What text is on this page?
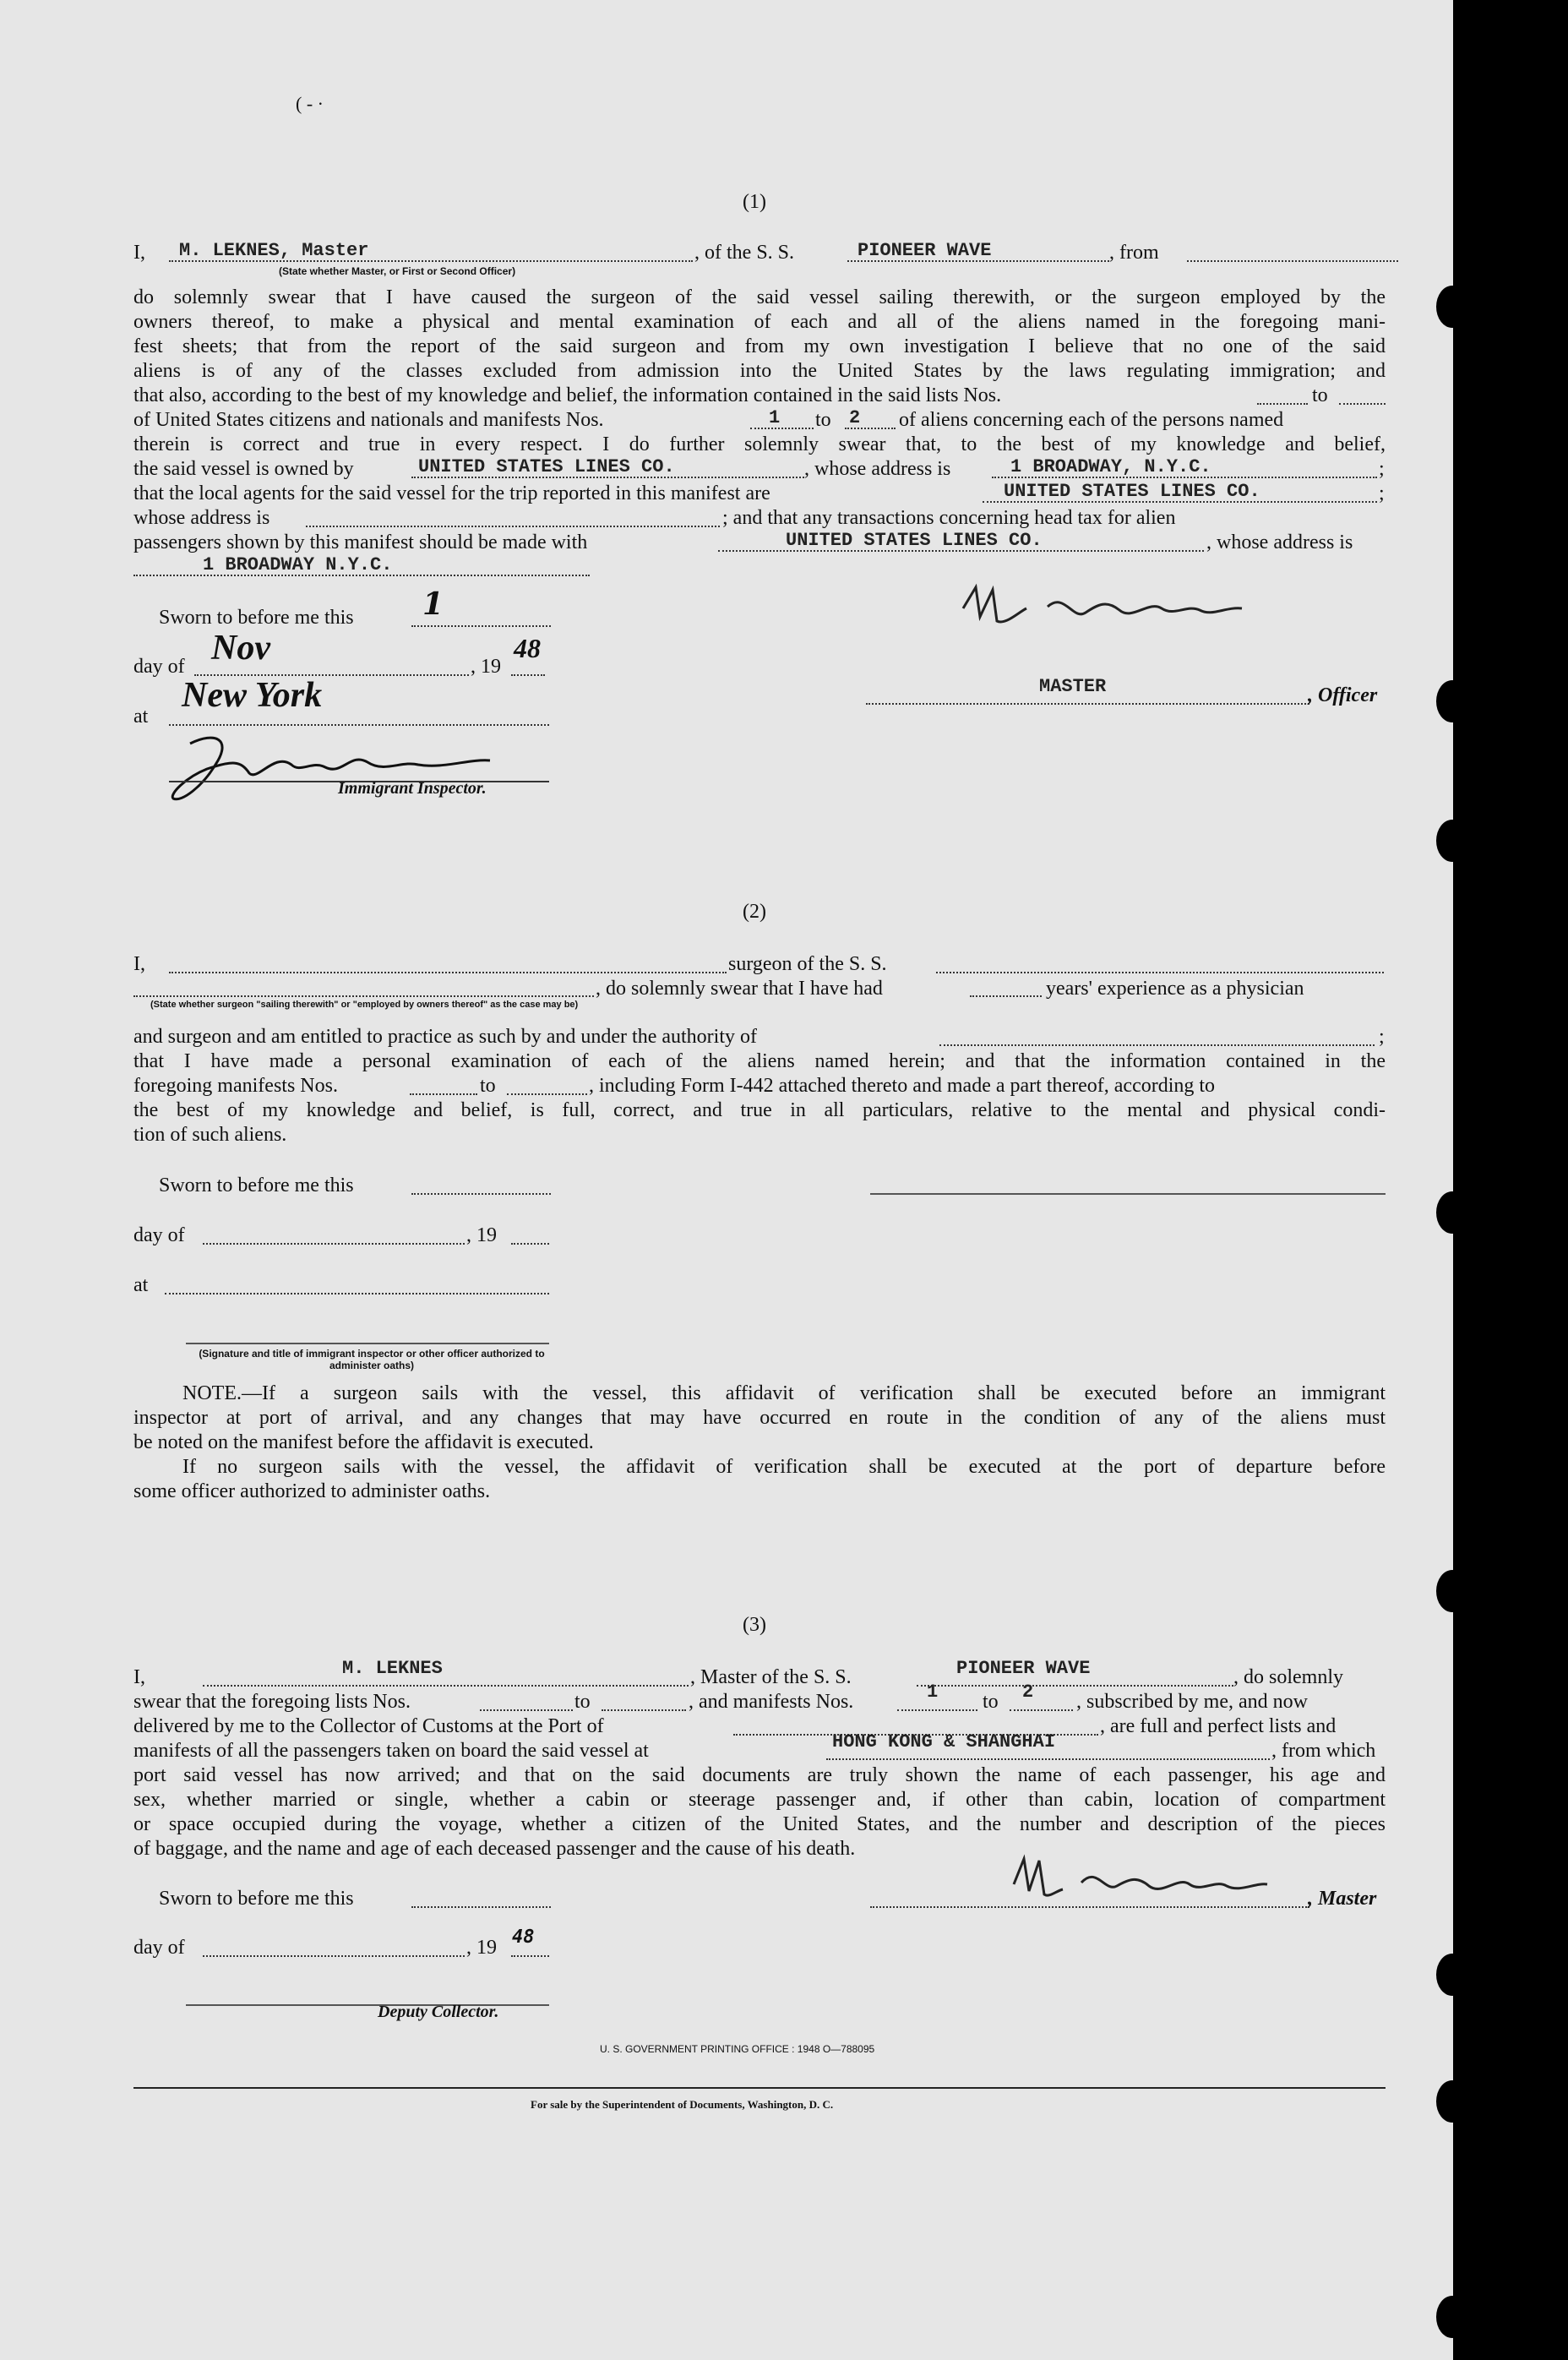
( - ·
(1)
I, M. LEKNES, Master	, of the S. S.	PIONEER WAVE	, from
(State whether Master, or First or Second Officer)
do solemnly swear that I have caused the surgeon of the said vessel sailing therewith, or the surgeon employed by the
owners thereof, to make a physical and mental examination of each and all of the aliens named in the foregoing mani-
fest sheets; that from the report of the said surgeon and from my own investigation I believe that no one of the said
aliens is of any of the classes excluded from admission into the United States by the laws regulating immigration; and
that also, according to the best of my knowledge and belief, the information contained in the said lists Nos.	to
of United States citizens and nationals and manifests Nos.	1 to 2 of aliens concerning each of the persons named
therein is correct and true in every respect. I do further solemnly swear that, to the best of my knowledge and belief,
the said vessel is owned by	UNITED STATES LINES CO.	, whose address is	1 BROADWAY, N.Y.C.	;
that the local agents for the said vessel for the trip reported in this manifest are	UNITED STATES LINES CO.	;
whose address is	; and that any transactions concerning head tax for alien
passengers shown by this manifest should be made with	UNITED STATES LINES CO.	, whose address is
1 BROADWAY N.Y.C.
Sworn to before me this 1
day of Nov	, 19
48
at
New York
Immigrant Inspector.
MASTER	, Officer
(2)
I,	surgeon of the S. S.
, do solemnly swear that I have had	years' experience as a physician
(State whether surgeon "sailing therewith" or "employed by owners thereof" as the case may be)
and surgeon and am entitled to practice as such by and under the authority of	;
that I have made a personal examination of each of the aliens named herein; and that the information contained in the
foregoing manifests Nos.	to	, including Form I-442 attached thereto and made a part thereof, according to
the best of my knowledge and belief, is full, correct, and true in all particulars, relative to the mental and physical condi-
tion of such aliens.
Sworn to before me this
day of	, 19
at
(Signature and title of immigrant inspector or other officer authorized to administer oaths)
NOTE.—If a surgeon sails with the vessel, this affidavit of verification shall be executed before an immigrant
inspector at port of arrival, and any changes that may have occurred en route in the condition of any of the aliens must
be noted on the manifest before the affidavit is executed.
If no surgeon sails with the vessel, the affidavit of verification shall be executed at the port of departure before
some officer authorized to administer oaths.
(3)
I,	M. LEKNES	, Master of the S. S.	PIONEER WAVE	, do solemnly
swear that the foregoing lists Nos.	to	, and manifests Nos.	1 to 2 , subscribed by me, and now
delivered by me to the Collector of Customs at the Port of	, are full and perfect lists and
manifests of all the passengers taken on board the said vessel at	HONG KONG & SHANGHAI	, from which
port said vessel has now arrived; and that on the said documents are truly shown the name of each passenger, his age and
sex, whether married or single, whether a cabin or steerage passenger and, if other than cabin, location of compartment
or space occupied during the voyage, whether a citizen of the United States, and the number and description of the pieces
of baggage, and the name and age of each deceased passenger and the cause of his death.
Sworn to before me this	, Master
day of	, 19 48
Deputy Collector.
U. S. GOVERNMENT PRINTING OFFICE : 1948 O—788095
For sale by the Superintendent of Documents, Washington, D. C.
